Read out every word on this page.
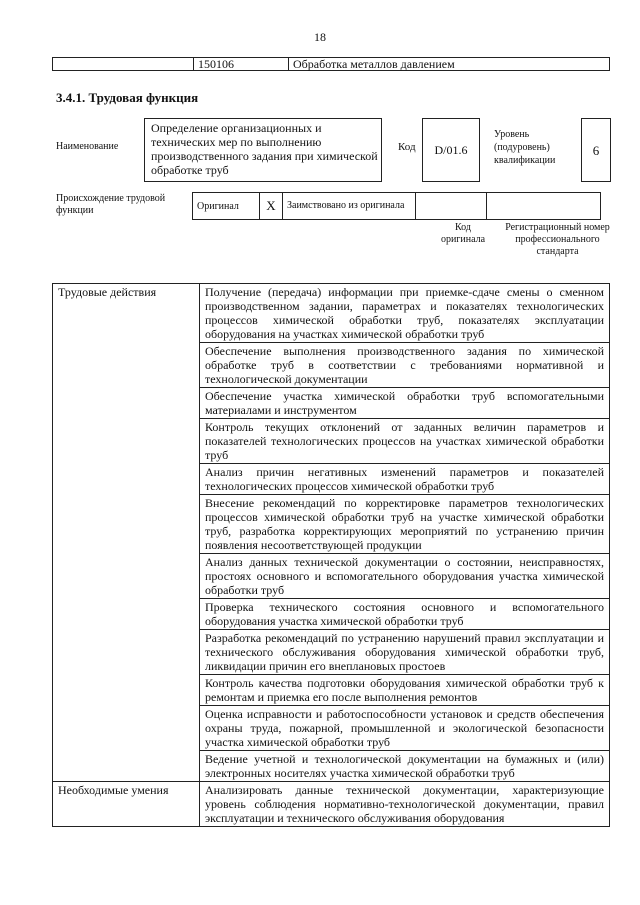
18
	150106	Обработка металлов давлением
3.4.1. Трудовая функция
Наименование
Определение организационных и технических мер по выполнению производственного задания при химической обработке труб
Код	D/01.6
Уровень
(подуровень)
квалификации
6
Происхождение трудовой функции	Оригинал	X	Заимствовано из оригинала		
Код оригинала
Регистрационный номер профессионального стандарта
Трудовые действия	Получение (передача) информации при приемке-сдаче смены о сменном производственном задании, параметрах и показателях технологических процессов химической обработки труб, показателях эксплуатации оборудования на участках химической обработки труб
	Обеспечение выполнения производственного задания по химической обработке труб в соответствии с требованиями нормативной и технологической документации
	Обеспечение участка химической обработки труб вспомогательными материалами и инструментом
	Контроль текущих отклонений от заданных величин параметров и показателей технологических процессов на участках химической обработки труб
	Анализ причин негативных изменений параметров и показателей технологических процессов химической обработки труб
	Внесение рекомендаций по корректировке параметров технологических процессов химической обработки труб на участке химической обработки труб, разработка корректирующих мероприятий по устранению причин появления несоответствующей продукции
	Анализ данных технической документации о состоянии, неисправностях, простоях основного и вспомогательного оборудования участка химической обработки труб
	Проверка технического состояния основного и вспомогательного оборудования участка химической обработки труб
	Разработка рекомендаций по устранению нарушений правил эксплуатации и технического обслуживания оборудования химической обработки труб, ликвидации причин его внеплановых простоев
	Контроль качества подготовки оборудования химической обработки труб к ремонтам и приемка его после выполнения ремонтов
	Оценка исправности и работоспособности установок и средств обеспечения охраны труда, пожарной, промышленной и экологической безопасности участка химической обработки труб
	Ведение учетной и технологической документации на бумажных и (или) электронных носителях участка химической обработки труб
Необходимые умения	Анализировать данные технической документации, характеризующие уровень соблюдения нормативно-технологической документации, правил эксплуатации и технического обслуживания оборудования
